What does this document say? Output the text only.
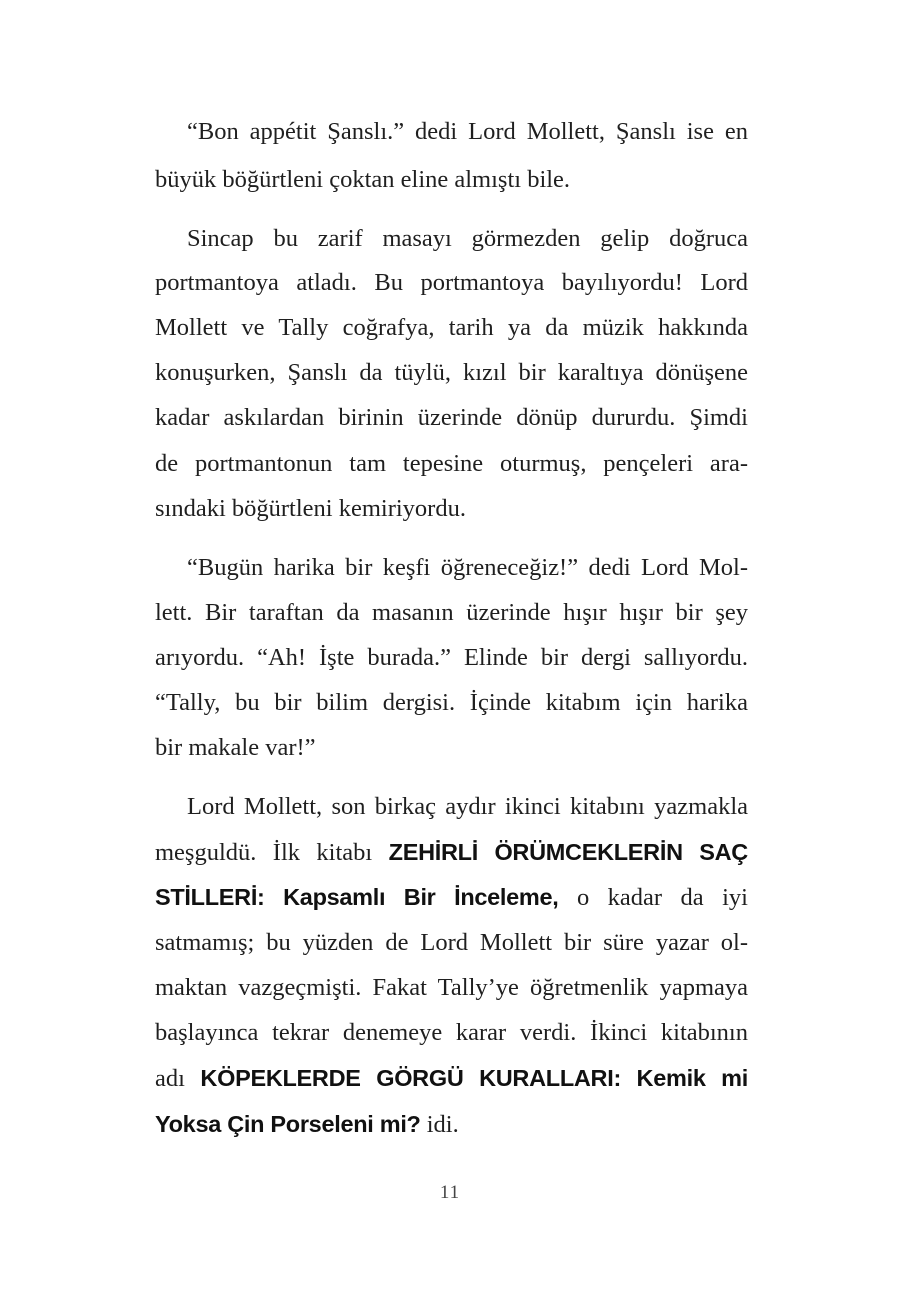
“Bon appétit Şanslı.” dedi Lord Mollett, Şanslı ise en
büyük böğürtleni çoktan eline almıştı bile.
Sincap bu zarif masayı görmezden gelip doğruca
portmantoya atladı. Bu portmantoya bayılıyordu! Lord
Mollett ve Tally coğrafya, tarih ya da müzik hakkında
konuşurken, Şanslı da tüylü, kızıl bir karaltıya dönüşene
kadar askılardan birinin üzerinde dönüp dururdu. Şimdi
de portmantonun tam tepesine oturmuş, pençeleri ara-
sındaki böğürtleni kemiriyordu.
“Bugün harika bir keşfi öğreneceğiz!” dedi Lord Mol-
lett. Bir taraftan da masanın üzerinde hışır hışır bir şey
arıyordu. “Ah! İşte burada.” Elinde bir dergi sallıyordu.
“Tally, bu bir bilim dergisi. İçinde kitabım için harika
bir makale var!”
Lord Mollett, son birkaç aydır ikinci kitabını yazmakla
meşguldü. İlk kitabı ZEHİRLİ ÖRÜMCEKLERİN SAÇ
STİLLERİ: Kapsamlı Bir İnceleme, o kadar da iyi
satmamış; bu yüzden de Lord Mollett bir süre yazar ol-
maktan vazgeçmişti. Fakat Tally’ye öğretmenlik yapmaya
başlayınca tekrar denemeye karar verdi. İkinci kitabının
adı KÖPEKLERDE GÖRGÜ KURALLARI: Kemik mi
Yoksa Çin Porseleni mi? idi.
11
